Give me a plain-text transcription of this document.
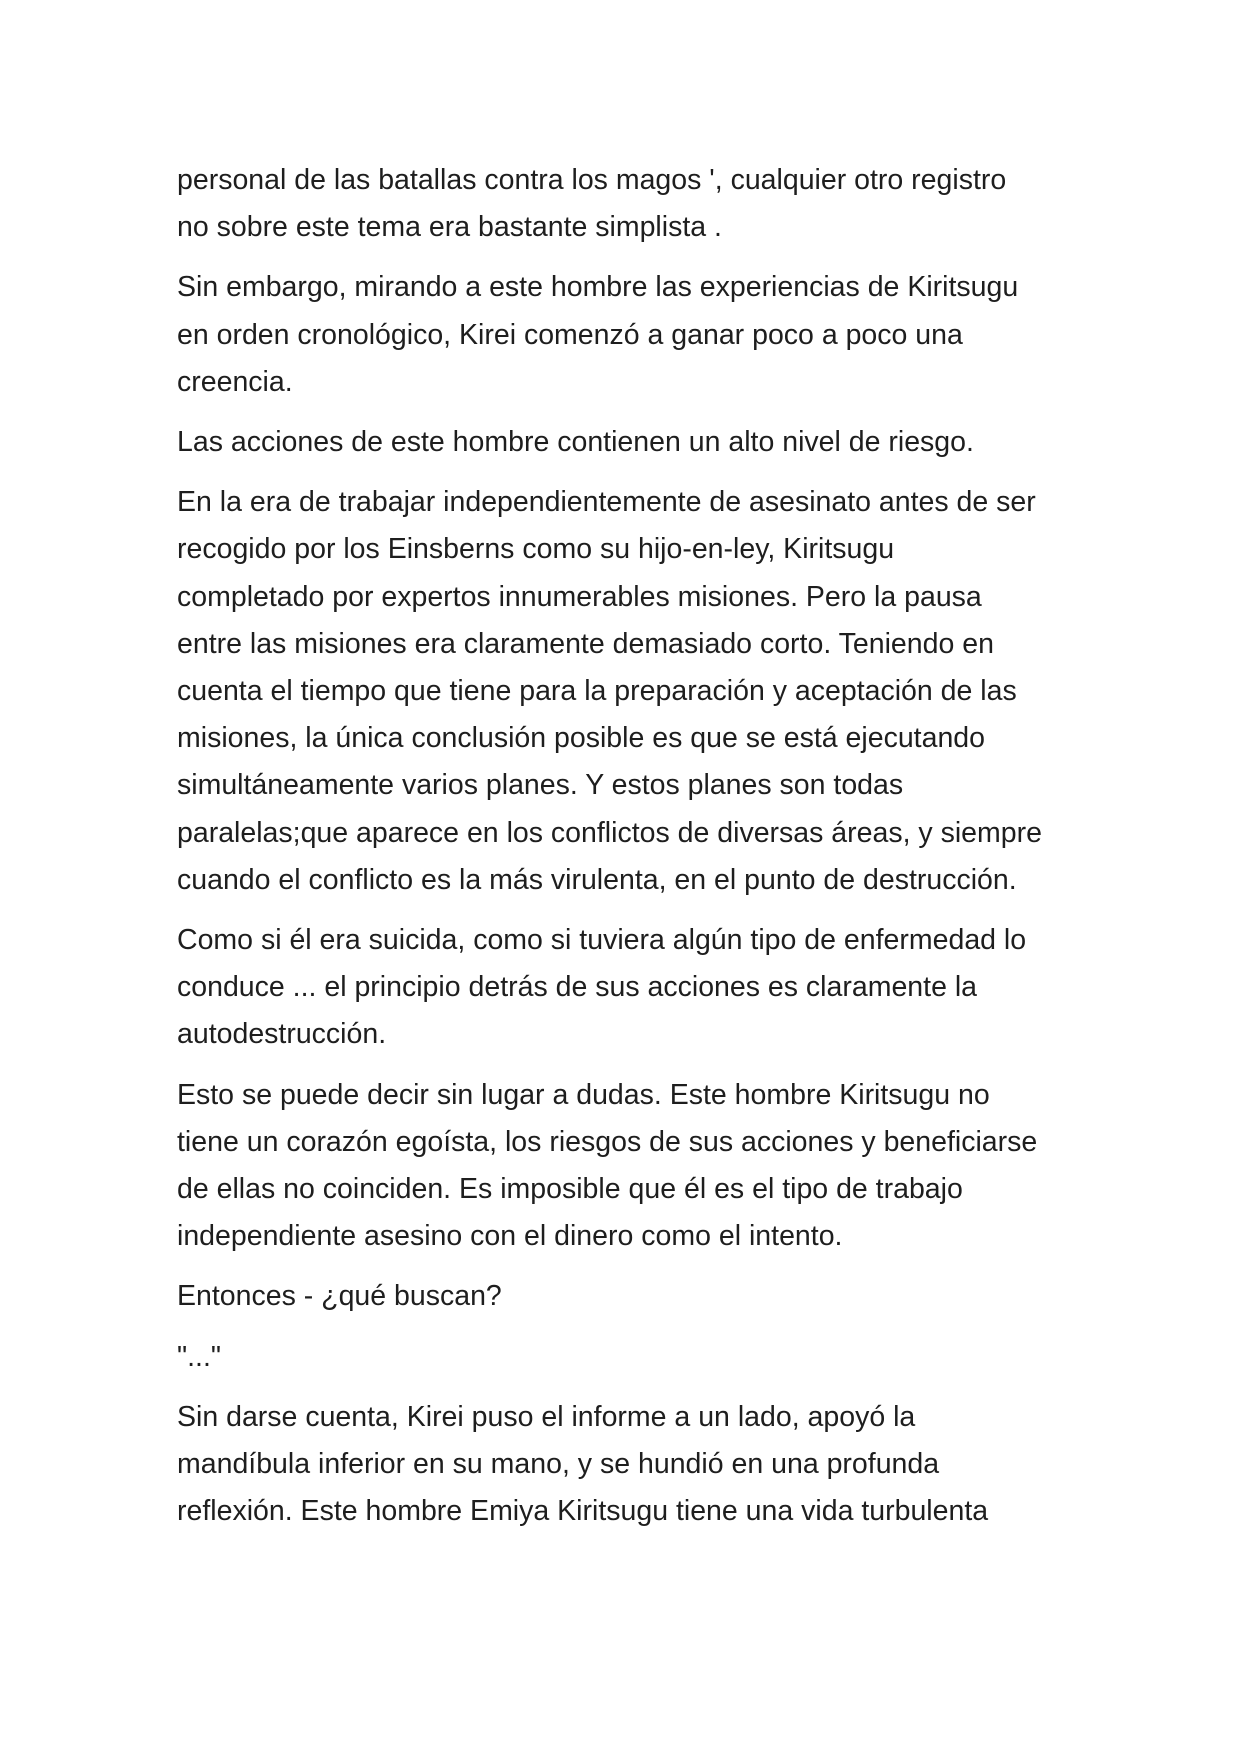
personal de las batallas contra los magos ', cualquier otro registro
no sobre este tema era bastante simplista .

Sin embargo, mirando a este hombre las experiencias de Kiritsugu
en orden cronológico, Kirei comenzó a ganar poco a poco una
creencia.

Las acciones de este hombre contienen un alto nivel de riesgo.

En la era de trabajar independientemente de asesinato antes de ser
recogido por los Einsberns como su hijo-en-ley, Kiritsugu
completado por expertos innumerables misiones. Pero la pausa
entre las misiones era claramente demasiado corto. Teniendo en
cuenta el tiempo que tiene para la preparación y aceptación de las
misiones, la única conclusión posible es que se está ejecutando
simultáneamente varios planes. Y estos planes son todas
paralelas;que aparece en los conflictos de diversas áreas, y siempre
cuando el conflicto es la más virulenta, en el punto de destrucción.

Como si él era suicida, como si tuviera algún tipo de enfermedad lo
conduce ... el principio detrás de sus acciones es claramente la
autodestrucción.

Esto se puede decir sin lugar a dudas. Este hombre Kiritsugu no
tiene un corazón egoísta, los riesgos de sus acciones y beneficiarse
de ellas no coinciden. Es imposible que él es el tipo de trabajo
independiente asesino con el dinero como el intento.

Entonces - ¿qué buscan?

"..."

Sin darse cuenta, Kirei puso el informe a un lado, apoyó la
mandíbula inferior en su mano, y se hundió en una profunda
reflexión. Este hombre Emiya Kiritsugu tiene una vida turbulenta
